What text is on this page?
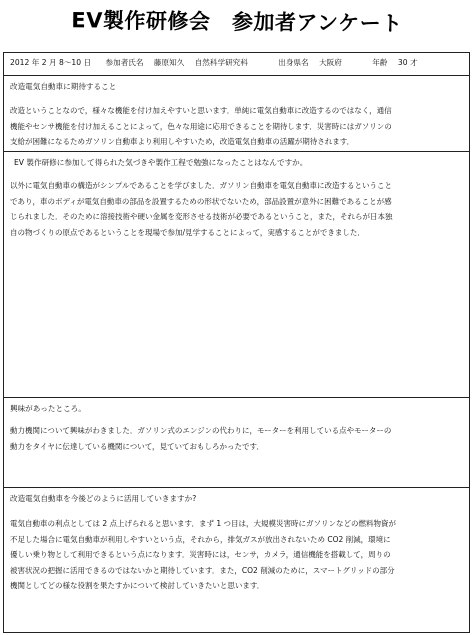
EV製作研修会　参加者アンケート
2012 年 2 月 8～10 日 参加者氏名 藤原知久 自然科学研究科	出身県名 大阪府	年齢 30 才
改造電気自動車に期待すること
改造ということなので，様々な機能を付け加えやすいと思います．単純に電気自動車に改造するのではなく，通信
機能やセンサ機能を付け加えることによって，色々な用途に応用できることを期待します．災害時にはガソリンの
支給が困難になるためガソリン自動車より利用しやすいため，改造電気自動車の活躍が期待されます．
EV 製作研修に参加して得られた気づきや製作工程で勉強になったことはなんですか。
以外に電気自動車の構造がシンプルであることを学びました．ガソリン自動車を電気自動車に改造するということ
であり，車のボディが電気自動車の部品を設置するための形状でないため，部品設置が意外に困難であることが感
じられました．そのために溶接技術や硬い金属を変形させる技術が必要であるということ，また，それらが日本独
自の物づくりの原点であるということを現場で参加/見学することによって，実感することができました．
興味があったところ。
動力機関について興味がわきました．ガソリン式のエンジンの代わりに，モーターを利用している点やモーターの
動力をタイヤに伝達している機関について，見ていておもしろかったです．
改造電気自動車を今後どのように活用していきますか?
電気自動車の利点としては 2 点上げられると思います．まず 1 つ目は，大規模災害時にガソリンなどの燃料物資が
不足した場合に電気自動車が利用しやすいという点，それから，排気ガスが放出されないため CO2 削減，環境に
優しい乗り物として利用できるという点になります．災害時には，センサ，カメラ，通信機能を搭載して，周りの
被害状況の把握に活用できるのではないかと期待しています．また，CO2 削減のために，スマートグリッドの部分
機関としてどの様な役割を果たすかについて検討していきたいと思います．
